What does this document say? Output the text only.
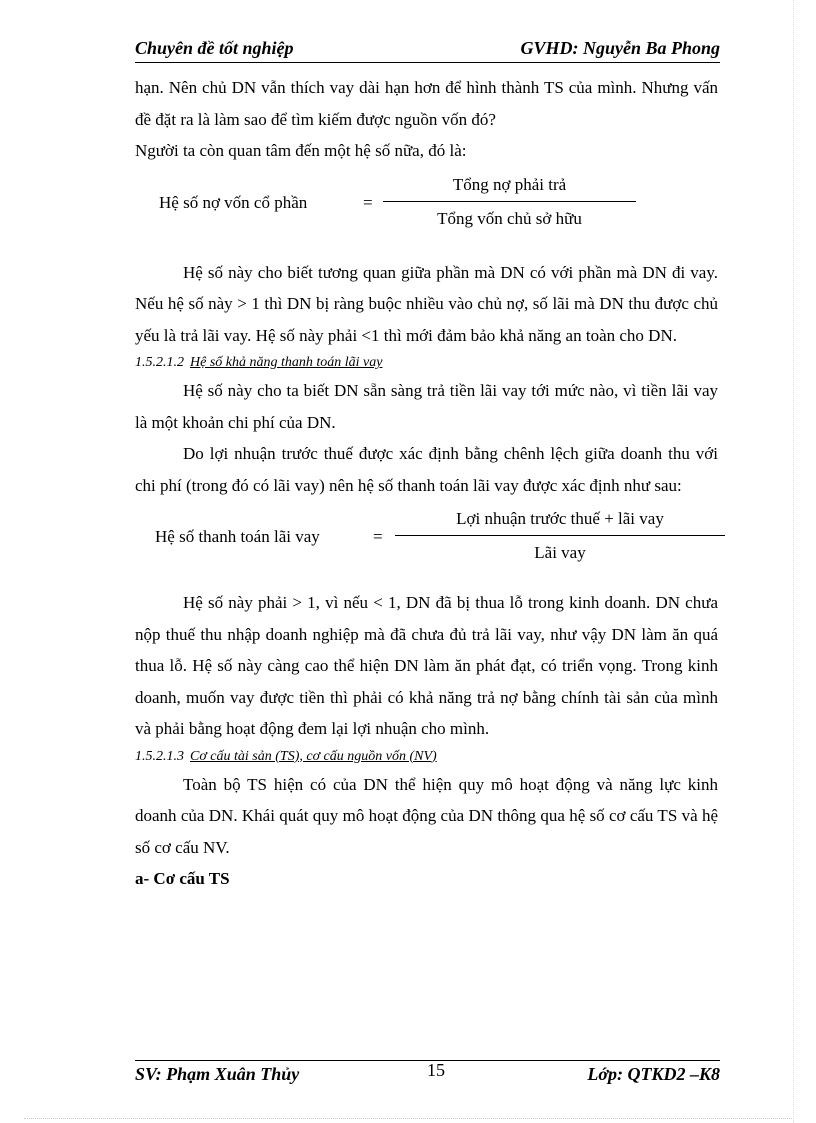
Chuyên đề tốt nghiệp	GVHD: Nguyễn Ba Phong

hạn. Nên chủ DN vẫn thích vay dài hạn hơn để hình thành TS của mình. Nhưng vấn đề đặt ra là làm sao để tìm kiếm được nguồn vốn đó?

Người ta còn quan tâm đến một hệ số nữa, đó là:

Hệ số nợ vốn cổ phần	=
Tổng nợ phải trả
Tổng vốn chủ sở hữu

Hệ số này cho biết tương quan giữa phần mà DN có với phần mà DN đi vay. Nếu hệ số này > 1 thì DN bị ràng buộc nhiều vào chủ nợ, số lãi mà DN thu được chủ yếu là trả lãi vay. Hệ số này phải <1 thì mới đảm bảo khả năng an toàn cho DN.

1.5.2.1.2 Hệ số khả năng thanh toán lãi vay

Hệ số này cho ta biết DN sẵn sàng trả tiền lãi vay tới mức nào, vì tiền lãi vay là một khoản chi phí của DN.

Do lợi nhuận trước thuế được xác định bằng chênh lệch giữa doanh thu với chi phí (trong đó có lãi vay) nên hệ số thanh toán lãi vay được xác định như sau:

Hệ số thanh toán lãi vay	=
Lợi nhuận trước thuế + lãi vay
Lãi vay

Hệ số này phải > 1, vì nếu < 1, DN đã bị thua lỗ trong kinh doanh. DN chưa nộp thuế thu nhập doanh nghiệp mà đã chưa đủ trả lãi vay, như vậy DN làm ăn quá thua lỗ. Hệ số này càng cao thể hiện DN làm ăn phát đạt, có triển vọng. Trong kinh doanh, muốn vay được tiền thì phải có khả năng trả nợ bằng chính tài sản của mình và phải bằng hoạt động đem lại lợi nhuận cho mình.

1.5.2.1.3 Cơ cấu tài sản (TS), cơ cấu nguồn vốn (NV)

Toàn bộ TS hiện có của DN thể hiện quy mô hoạt động và năng lực kinh doanh của DN. Khái quát quy mô hoạt động của DN thông qua hệ số cơ cấu TS và hệ số cơ cấu NV.

a- Cơ cấu TS

SV: Phạm Xuân Thủy	Lớp: QTKD2 –K8
15
